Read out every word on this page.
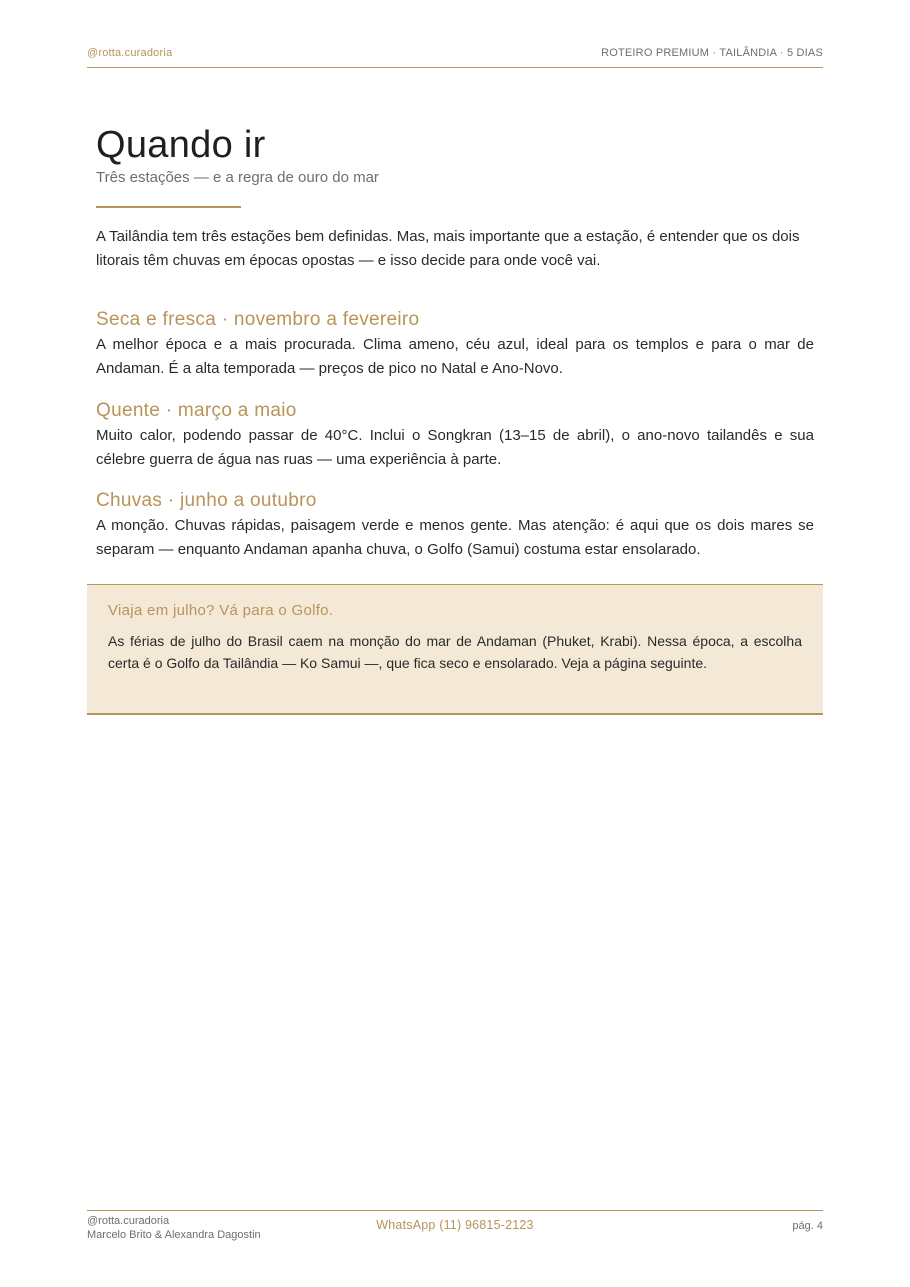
@rotta.curadoria	ROTEIRO PREMIUM · TAILÂNDIA · 5 DIAS
Quando ir
Três estações — e a regra de ouro do mar
A Tailândia tem três estações bem definidas. Mas, mais importante que a estação, é entender que os dois litorais têm chuvas em épocas opostas — e isso decide para onde você vai.
Seca e fresca · novembro a fevereiro
A melhor época e a mais procurada. Clima ameno, céu azul, ideal para os templos e para o mar de Andaman. É a alta temporada — preços de pico no Natal e Ano-Novo.
Quente · março a maio
Muito calor, podendo passar de 40°C. Inclui o Songkran (13–15 de abril), o ano-novo tailandês e sua célebre guerra de água nas ruas — uma experiência à parte.
Chuvas · junho a outubro
A monção. Chuvas rápidas, paisagem verde e menos gente. Mas atenção: é aqui que os dois mares se separam — enquanto Andaman apanha chuva, o Golfo (Samui) costuma estar ensolarado.
Viaja em julho? Vá para o Golfo.
As férias de julho do Brasil caem na monção do mar de Andaman (Phuket, Krabi). Nessa época, a escolha certa é o Golfo da Tailândia — Ko Samui —, que fica seco e ensolarado. Veja a página seguinte.
@rotta.curadoria
Marcelo Brito & Alexandra Dagostin
WhatsApp (11) 96815-2123	pág. 4
